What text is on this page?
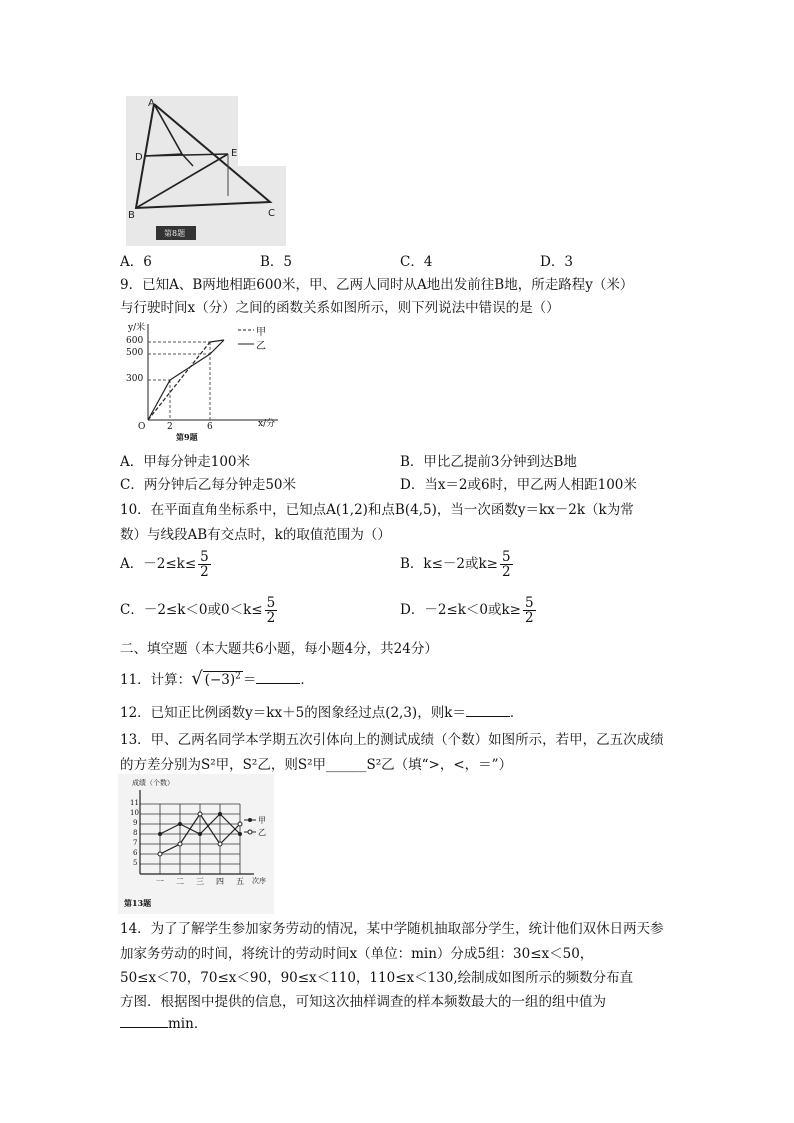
A
D	E
B	C
第8题
A．6	B．5	C．4	D．3
9．已知A、B两地相距600米，甲、乙两人同时从A地出发前往B地，所走路程y（米）
与行驶时间x（分）之间的函数关系如图所示，则下列说法中错误的是（）
y/米
x/分
600
500
300
O 2	6
甲
乙
第9题
A．甲每分钟走100米	B．甲比乙提前3分钟到达B地
C．两分钟后乙每分钟走50米	D．当x＝2或6时，甲乙两人相距100米
10．在平面直角坐标系中，已知点A(1,2)和点B(4,5)，当一次函数y＝kx－2k（k为常
数）与线段AB有交点时，k的取值范围为（）
A．$-2\le k\le \frac{5}{2}$	B．k≤－2或$k\ge \frac{5}{2}$
C．－2≤k＜0或$0<k\le \frac{5}{2}$	D．－2≤k＜0或$k\ge \frac{5}{2}$
二、填空题（本大题共6小题，每小题4分，共24分）
11．计算：√ $(-3)^2$ ＝	．
12．已知正比例函数y＝kx＋5的图象经过点(2,3)，则k＝	．
13．甲、乙两名同学本学期五次引体向上的测试成绩（个数）如图所示，若甲，乙五次成绩
的方差分别为S²甲，S²乙，则S²甲______S²乙（填“>，<，＝”）
成绩（个数）
11
10
9
8
7
6
5
一 二 三 四 五 次序
甲
乙
第13题
14．为了了解学生参加家务劳动的情况，某中学随机抽取部分学生，统计他们双休日两天参
加家务劳动的时间，将统计的劳动时间x（单位：min）分成5组：30≤x＜50，
50≤x＜70，70≤x＜90，90≤x＜110，110≤x＜130,绘制成如图所示的频数分布直
方图．根据图中提供的信息，可知这次抽样调查的样本频数最大的一组的组中值为
min．
